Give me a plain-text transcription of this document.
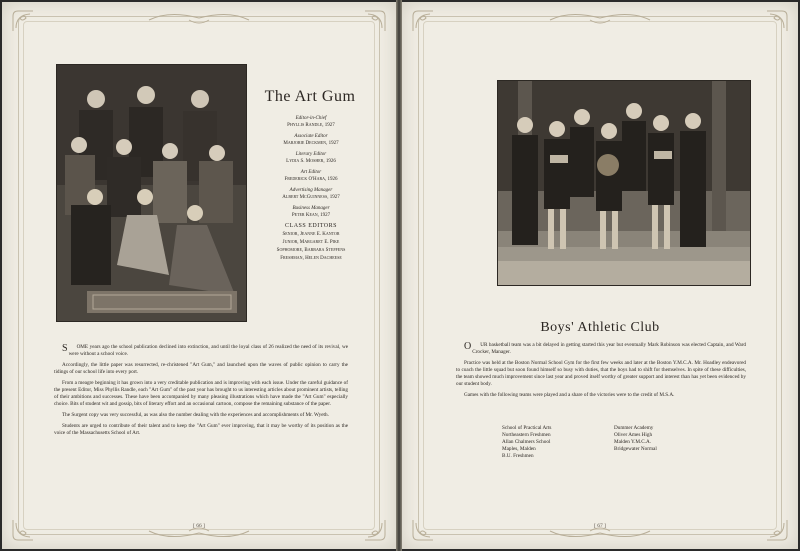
The Art Gum
Editor-in-Chief
Phyllis Randle, 1927
Associate Editor
Marjorie Deckmen, 1927
Literary Editor
Lydia S. Mosher, 1926
Art Editor
Frederick O'Hara, 1926
Advertising Manager
Albert McGuinness, 1927
Business Manager
Peter Kean, 1927
CLASS EDITORS
Senior, Jeanne E. Kantor
Junior, Margaret E. Pike
Sophomore, Barbara Steffens
Freshman, Helen Dacheese

SOME years ago the school publication declined into extinction, and until the loyal class of 26 realized the need of its revival, we were without a school voice.

Accordingly, the little paper was resurrected, re-christened "Art Gum," and launched upon the waves of public opinion to carry the tidings of our school life into every port.

From a meagre beginning it has grown into a very creditable publication and is improving with each issue. Under the careful guidance of the present Editor, Miss Phyllis Randle, each "Art Gum" of the past year has brought to us interesting articles about prominent artists, telling of their ambitions and successes. These have been accompanied by many pleasing illustrations which have made the "Art Gum" especially choice. Bits of student wit and gossip, bits of literary effort and an occasional cartoon, compose the remaining substance of the paper.

The Surgent copy was very successful, as was also the number dealing with the experiences and accomplishments of Mr. Wyeth.

Students are urged to contribute of their talent and to keep the "Art Gum" ever improving, that it may be worthy of its position as the voice of the Massachusetts School of Art.

[ 66 ]
Boys' Athletic Club

OUR basketball team was a bit delayed in getting started this year but eventually Mark Robinson was elected Captain, and Ward Crocker, Manager.

Practice was held at the Boston Normal School Gym for the first few weeks and later at the Boston Y.M.C.A. Mr. Hoadley endeavored to coach the little squad but soon found himself so busy with duties, that the boys had to shift for themselves. In spite of these difficulties, the team showed much improvement since last year and proved itself worthy of greater support and interest than has yet been evidenced by our student body.

Games with the following teams were played and a share of the victories were to the credit of M.S.A.

School of Practical Arts
Northeastern Freshmen
Allan Chalmers School
Maples, Malden
B.U. Freshmen
Dummer Academy
Oliver Ames High
Malden Y.M.C.A.
Bridgewater Normal
[ 67 ]
